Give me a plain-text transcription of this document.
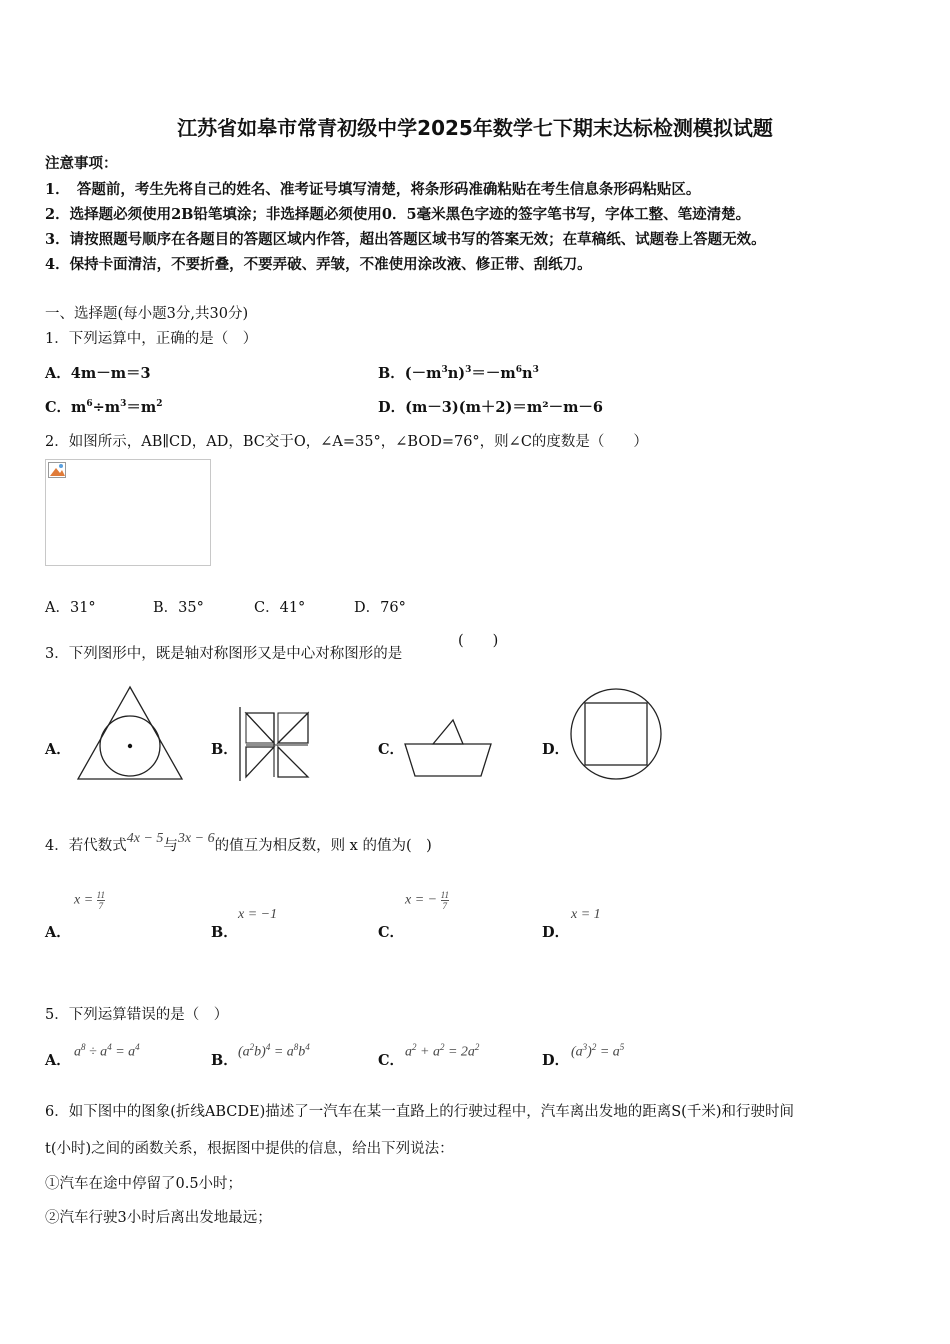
江苏省如皋市常青初级中学2025年数学七下期末达标检测模拟试题
注意事项：
1．　答题前，考生先将自己的姓名、准考证号填写清楚，将条形码准确粘贴在考生信息条形码粘贴区。
2．选择题必须使用2B铅笔填涂；非选择题必须使用0．5毫米黑色字迹的签字笔书写，字体工整、笔迹清楚。
3．请按照题号顺序在各题目的答题区域内作答，超出答题区域书写的答案无效；在草稿纸、试题卷上答题无效。
4．保持卡面清洁，不要折叠，不要弄破、弄皱，不准使用涂改液、修正带、刮纸刀。
一、选择题(每小题3分,共30分)
1．下列运算中，正确的是（　）
A．4m－m＝3	B．$(-m^3n)^3=-m^6n^3$
C．$m^6\div m^3=m^2$	D．(m－3)(m＋2)＝m²－m－6
2．如图所示，AB∥CD，AD，BC交于O，∠A=35°，∠BOD=76°，则∠C的度数是（　　）
A．31°	B．35°	C．41°	D．76°
3．下列图形中，既是轴对称图形又是中心对称图形的是
(　　)
A．	B．	C．	D．
4．若代数式4x − 5与3x − 6的值互为相反数，则 x 的值为(　)
A．
$x = \frac{11}{7}$
B．
x = −1
C．
x = − $\frac{11}{7}$
D．
x = 1
5．下列运算错误的是（　）
A． $a^8 \div a^4 = a^4$
B． $(a^2b)^4 = a^8b^4$
C． $a^2 + a^2 = 2a^2$
D． $(a^3)^2 = a^5$
6．如下图中的图象(折线ABCDE)描述了一汽车在某一直路上的行驶过程中，汽车离出发地的距离S(千米)和行驶时间
t(小时)之间的函数关系，根据图中提供的信息，给出下列说法：
①汽车在途中停留了0.5小时；
②汽车行驶3小时后离出发地最远；
